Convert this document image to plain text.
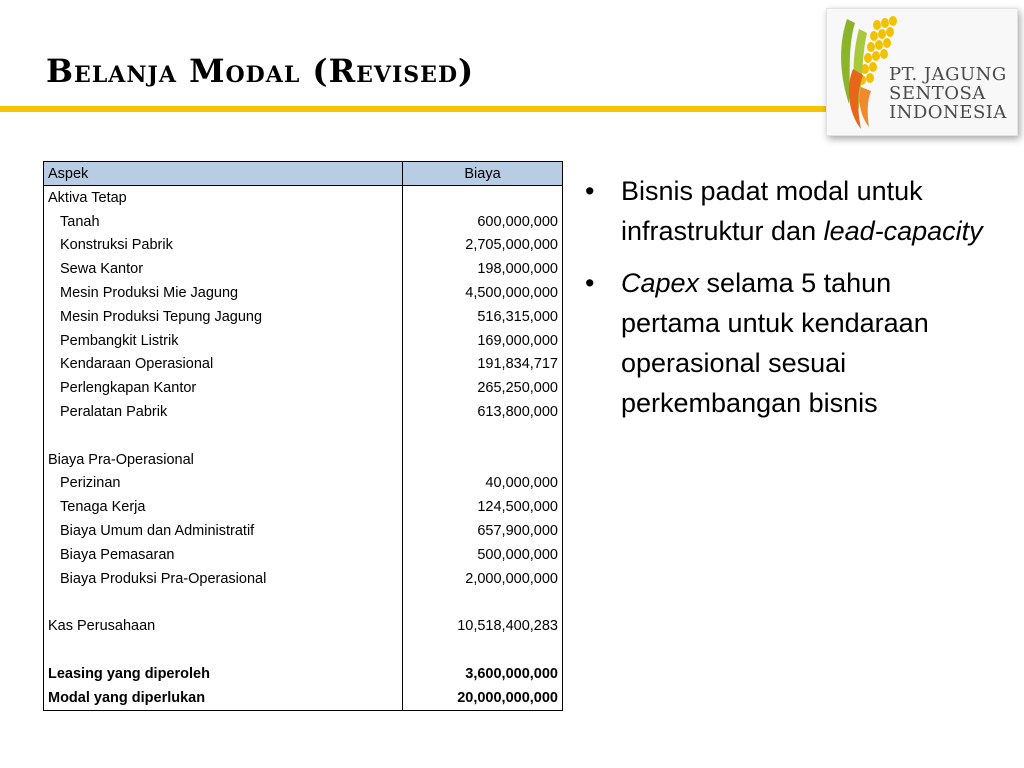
Belanja Modal (Revised)	PT. JAGUNG
SENTOSA
INDONESIA
Aspek	Biaya
Aktiva Tetap	
Tanah	600,000,000
Konstruksi Pabrik	2,705,000,000
Sewa Kantor	198,000,000
Mesin Produksi Mie Jagung	4,500,000,000
Mesin Produksi Tepung Jagung	516,315,000
Pembangkit Listrik	169,000,000
Kendaraan Operasional	191,834,717
Perlengkapan Kantor	265,250,000
Peralatan Pabrik	613,800,000

Biaya Pra-Operasional	
Perizinan	40,000,000
Tenaga Kerja	124,500,000
Biaya Umum dan Administratif	657,900,000
Biaya Pemasaran	500,000,000
Biaya Produksi Pra-Operasional	2,000,000,000

Kas Perusahaan	10,518,400,283

Leasing yang diperoleh	3,600,000,000
Modal yang diperlukan	20,000,000,000
• Bisnis padat modal untuk infrastruktur dan lead-capacity
• Capex selama 5 tahun pertama untuk kendaraan operasional sesuai perkembangan bisnis
